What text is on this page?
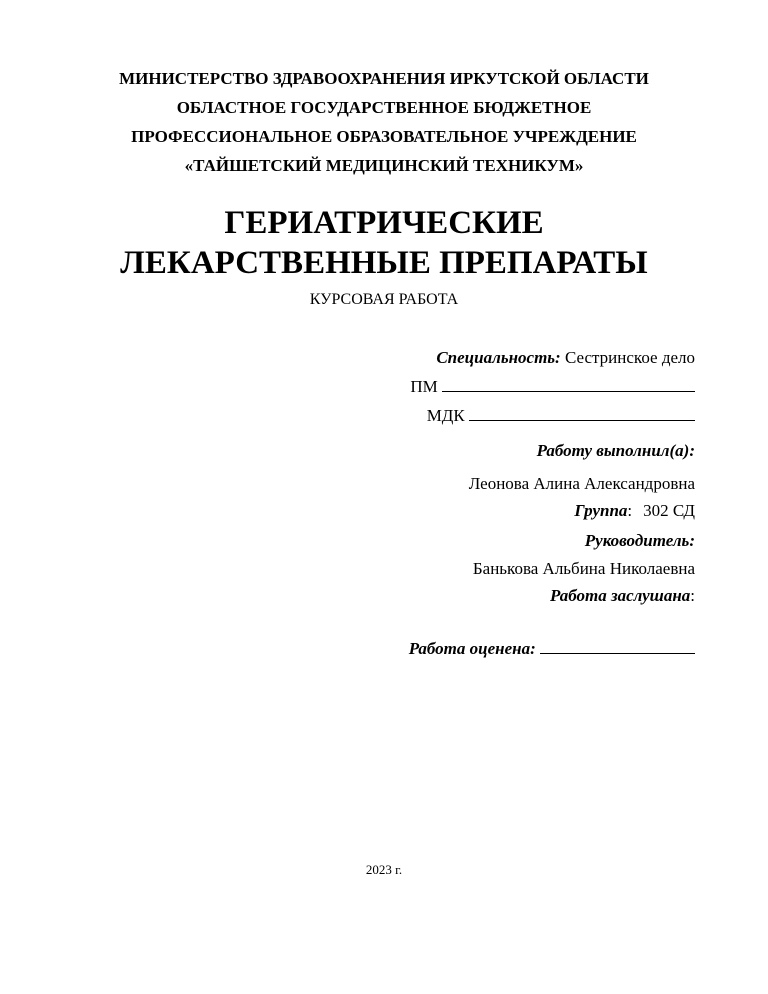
МИНИСТЕРСТВО ЗДРАВООХРАНЕНИЯ ИРКУТСКОЙ ОБЛАСТИ
ОБЛАСТНОЕ ГОСУДАРСТВЕННОЕ БЮДЖЕТНОЕ
ПРОФЕССИОНАЛЬНОЕ ОБРАЗОВАТЕЛЬНОЕ УЧРЕЖДЕНИЕ
«ТАЙШЕТСКИЙ МЕДИЦИНСКИЙ ТЕХНИКУМ»
ГЕРИАТРИЧЕСКИЕ
ЛЕКАРСТВЕННЫЕ ПРЕПАРАТЫ
КУРСОВАЯ РАБОТА
Специальность: Сестринское дело
ПМ
МДК
Работу выполнил(а):
Леонова Алина Александровна
Группа: 302 СД
Руководитель:
Банькова Альбина Николаевна
Работа заслушана:
Работа оценена:
2023 г.
